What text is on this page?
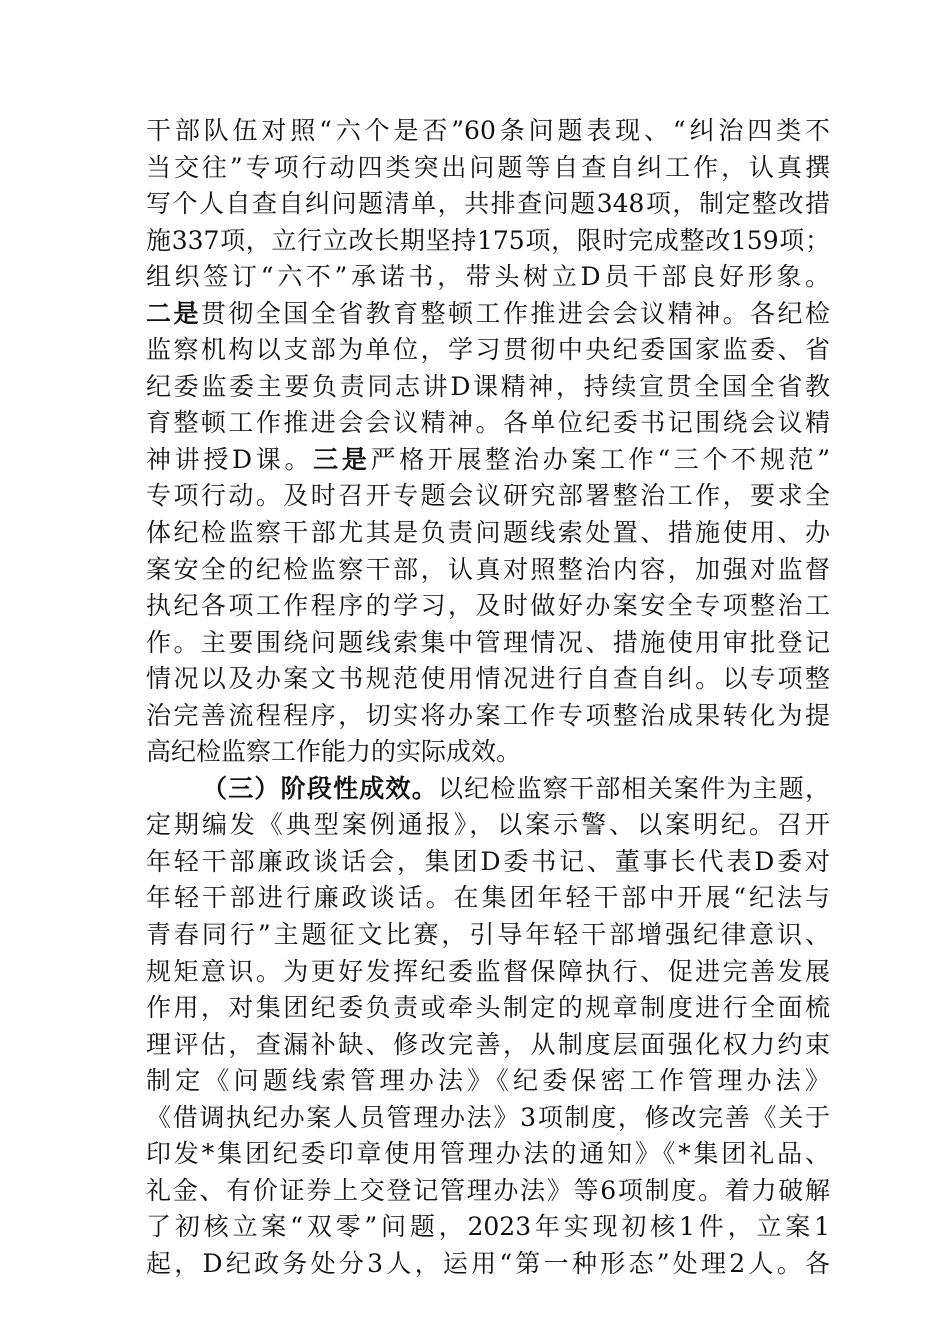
干部队伍对照“六个是否”60条问题表现、“纠治四类不
当交往”专项行动四类突出问题等自查自纠工作，认真撰
写个人自查自纠问题清单，共排查问题348项，制定整改措
施337项，立行立改长期坚持175项，限时完成整改159项；
组织签订“六不”承诺书，带头树立D员干部良好形象。
二是贯彻全国全省教育整顿工作推进会会议精神。各纪检
监察机构以支部为单位，学习贯彻中央纪委国家监委、省
纪委监委主要负责同志讲D课精神，持续宣贯全国全省教
育整顿工作推进会会议精神。各单位纪委书记围绕会议精
神讲授D课。三是严格开展整治办案工作“三个不规范”
专项行动。及时召开专题会议研究部署整治工作，要求全
体纪检监察干部尤其是负责问题线索处置、措施使用、办
案安全的纪检监察干部，认真对照整治内容，加强对监督
执纪各项工作程序的学习，及时做好办案安全专项整治工
作。主要围绕问题线索集中管理情况、措施使用审批登记
情况以及办案文书规范使用情况进行自查自纠。以专项整
治完善流程程序，切实将办案工作专项整治成果转化为提
高纪检监察工作能力的实际成效。
（三）阶段性成效。以纪检监察干部相关案件为主题，
定期编发《典型案例通报》，以案示警、以案明纪。召开
年轻干部廉政谈话会，集团D委书记、董事长代表D委对
年轻干部进行廉政谈话。在集团年轻干部中开展“纪法与
青春同行”主题征文比赛，引导年轻干部增强纪律意识、
规矩意识。为更好发挥纪委监督保障执行、促进完善发展
作用，对集团纪委负责或牵头制定的规章制度进行全面梳
理评估，查漏补缺、修改完善，从制度层面强化权力约束
制定《问题线索管理办法》《纪委保密工作管理办法》
《借调执纪办案人员管理办法》3项制度，修改完善《关于
印发*集团纪委印章使用管理办法的通知》《*集团礼品、
礼金、有价证券上交登记管理办法》等6项制度。着力破解
了初核立案“双零”问题，2023年实现初核1件，立案1
起，D纪政务处分3人，运用“第一种形态”处理2人。各
